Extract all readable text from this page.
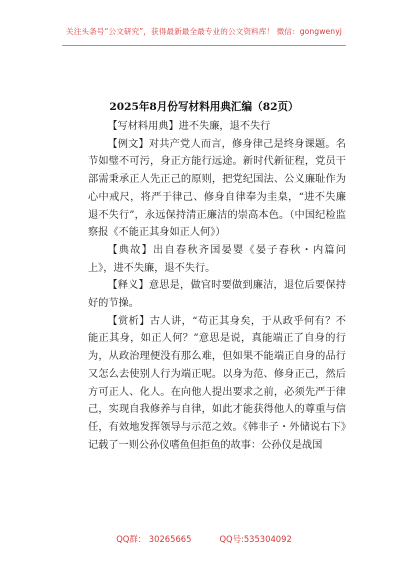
关注头条号“公文研究”，获得最新最全最专业的公文资料库！ 微信：gongwenyj
2025年8月份写材料用典汇编（82页）

【写材料用典】进不失廉，退不失行

【例文】对共产党人而言，修身律己是终身课题。名节如璧不可污，身正方能行远途。新时代新征程，党员干部需秉承正人先正己的原则，把党纪国法、公义廉耻作为心中戒尺，将严于律己、修身自律奉为圭臬，“进不失廉退不失行”，永远保持清正廉洁的崇高本色。（中国纪检监察报《不能正其身如正人何》）

【典故】出自春秋齐国晏婴《晏子春秋・内篇问上》，进不失廉，退不失行。

【释义】意思是，做官时要做到廉洁，退位后要保持好的节操。

【赏析】古人讲，“苟正其身矣，于从政乎何有？不能正其身，如正人何？”意思是说，真能端正了自身的行为，从政治理便没有那么难，但如果不能端正自身的品行又怎么去使别人行为端正呢。以身为范、修身正己，然后方可正人、化人。在向他人提出要求之前，必须先严于律己，实现自我修养与自律，如此才能获得他人的尊重与信任，有效地发挥领导与示范之效。《韩非子・外储说右下》记载了一则公孙仪嗜鱼但拒鱼的故事：公孙仪是战国

QQ群： 30265665	QQ号:535304092
